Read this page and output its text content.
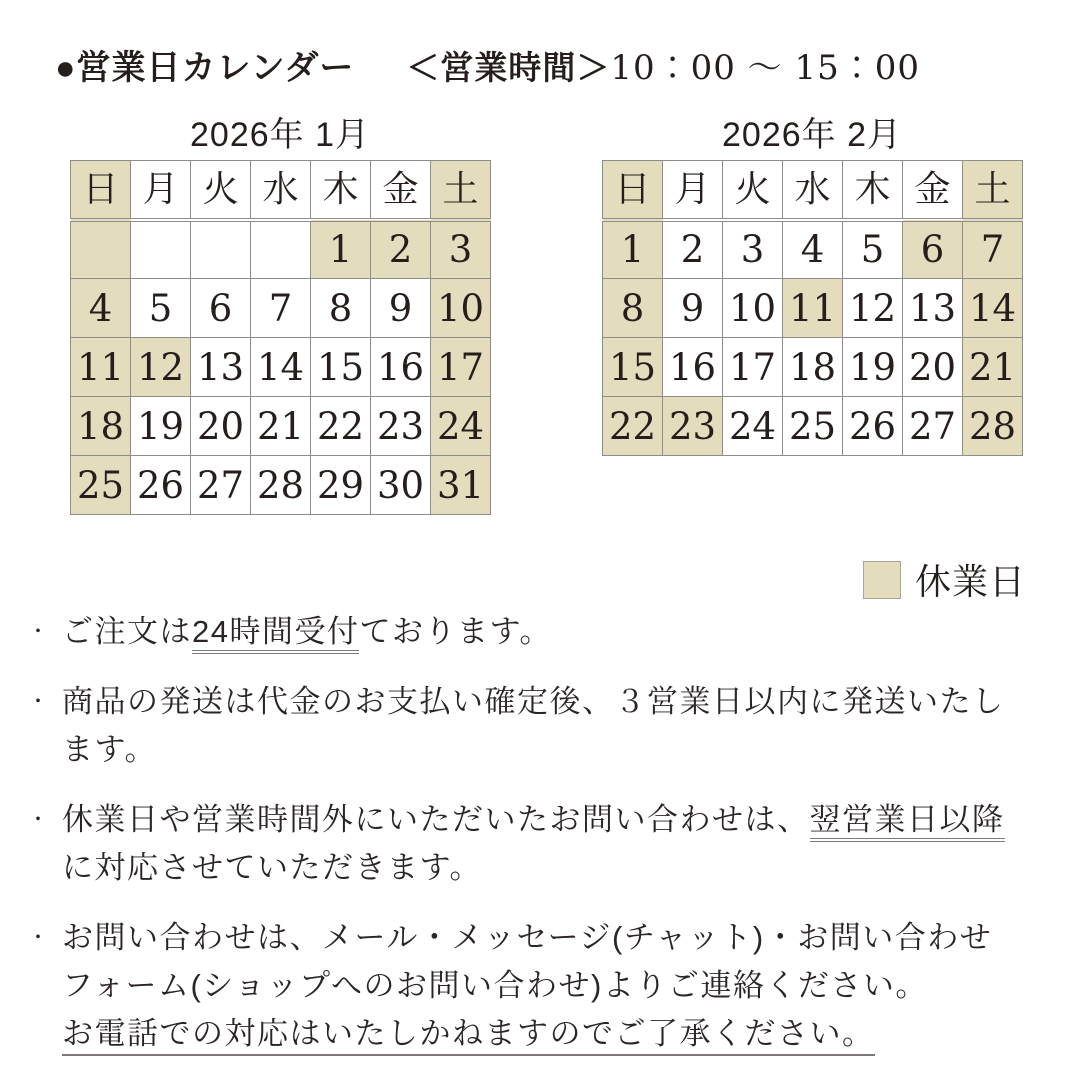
●営業日カレンダー ＜営業時間＞10：00 ～ 15：00
2026年 1月
日	月	火	水	木	金	土
				1	2	3
4	5	6	7	8	9	10
11	12	13	14	15	16	17
18	19	20	21	22	23	24
25	26	27	28	29	30	31
2026年 2月
日	月	火	水	木	金	土
1	2	3	4	5	6	7
8	9	10	11	12	13	14
15	16	17	18	19	20	21
22	23	24	25	26	27	28
休業日
・ ご注文は24時間受付ております。
・ 商品の発送は代金のお支払い確定後、３営業日以内に発送いたし
ます。
・ 休業日や営業時間外にいただいたお問い合わせは、翌営業日以降
に対応させていただきます。
・ お問い合わせは、メール・メッセージ(チャット)・お問い合わせ
フォーム(ショップへのお問い合わせ)よりご連絡ください。
お電話での対応はいたしかねますのでご了承ください。
